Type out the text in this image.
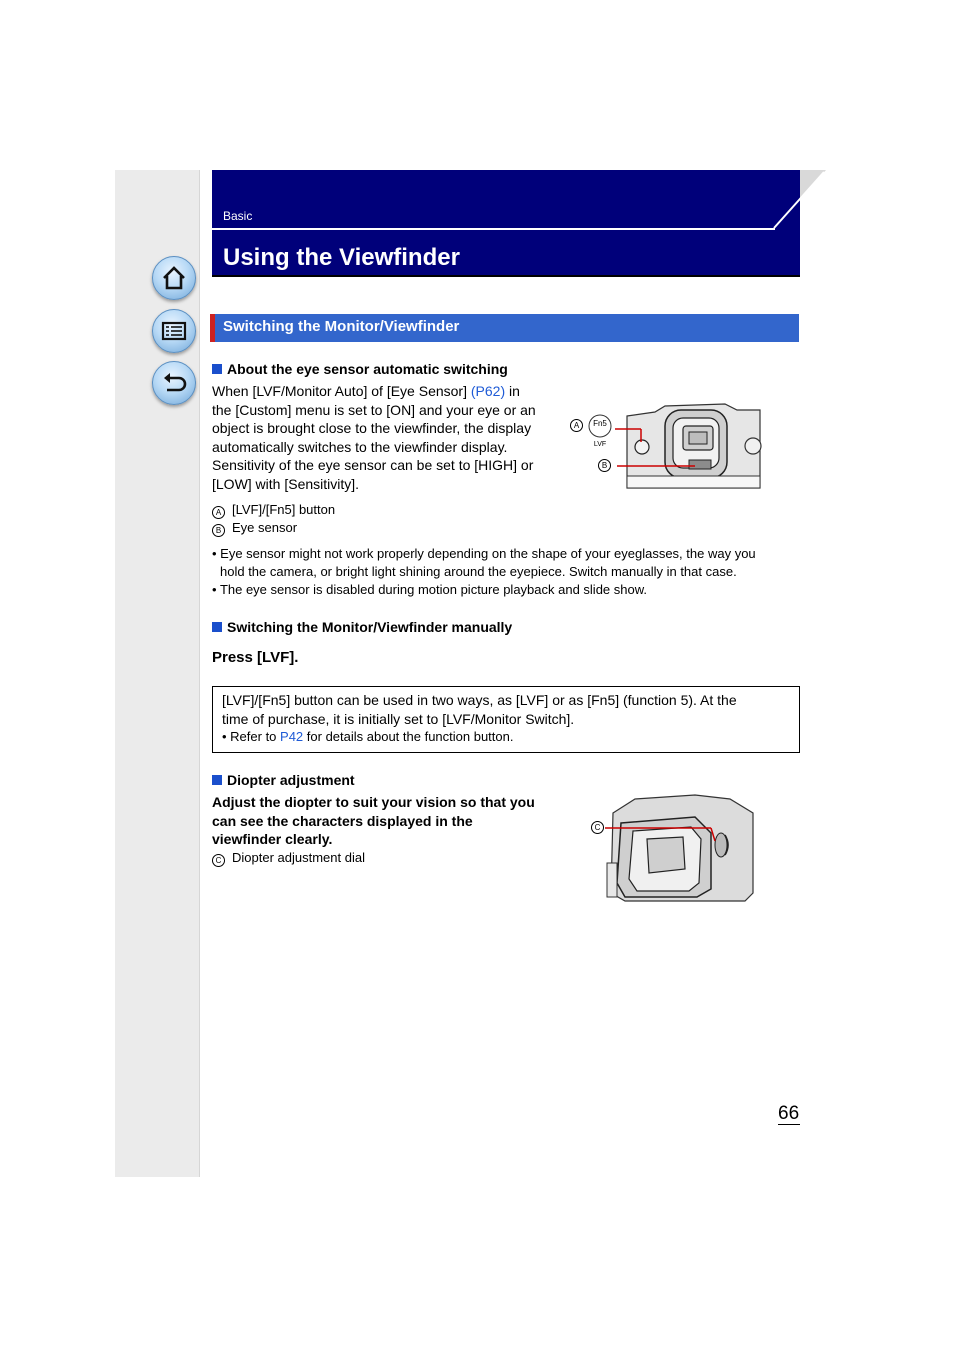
Basic
Using the Viewfinder
Switching the Monitor/Viewfinder
About the eye sensor automatic switching
When [LVF/Monitor Auto] of [Eye Sensor] (P62) in
the [Custom] menu is set to [ON] and your eye or an
object is brought close to the viewfinder, the display
automatically switches to the viewfinder display.
Sensitivity of the eye sensor can be set to [HIGH] or
[LOW] with [Sensitivity].
A [LVF]/[Fn5] button
B Eye sensor
• Eye sensor might not work properly depending on the shape of your eyeglasses, the way you
hold the camera, or bright light shining around the eyepiece. Switch manually in that case.
• The eye sensor is disabled during motion picture playback and slide show.
A
B
Fn5
LVF
Switching the Monitor/Viewfinder manually
Press [LVF].
[LVF]/[Fn5] button can be used in two ways, as [LVF] or as [Fn5] (function 5). At the
time of purchase, it is initially set to [LVF/Monitor Switch].
• Refer to P42 for details about the function button.
Diopter adjustment
Adjust the diopter to suit your vision so that you
can see the characters displayed in the
viewfinder clearly.
C Diopter adjustment dial
C
66
